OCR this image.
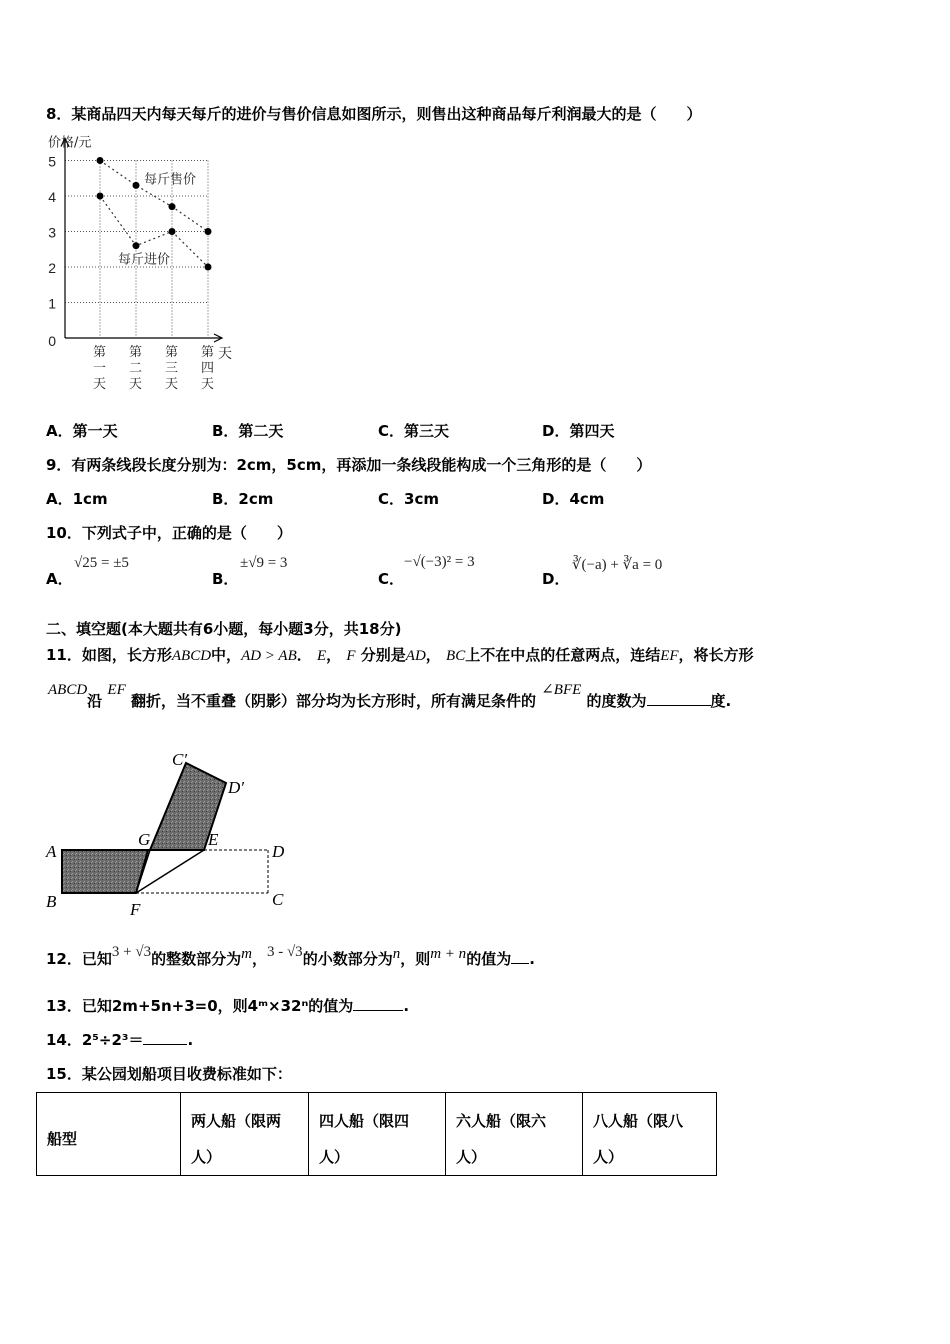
8．某商品四天内每天每斤的进价与售价信息如图所示，则售出这种商品每斤利润最大的是（　　）
0
1
2
3
4
5
价格/元
天
第
一
天
第
二
天
第
三
天
第
四
天
每斤售价
每斤进价
A．第一天	B．第二天	C．第三天	D．第四天
9．有两条线段长度分别为：2cm，5cm，再添加一条线段能构成一个三角形的是（　　）
A．1cm	B．2cm	C．3cm	D．4cm
10．下列式子中，正确的是（　　）
A．
√25 = ±5
B．
±√9 = 3
C．
−√(−3)² = 3
D．
∛(−a) + ∛a = 0
二、填空题(本大题共有6小题，每小题3分，共18分)
11．如图，长方形ABCD中，AD > AB． E， F 分别是AD， BC上不在中点的任意两点，连结EF，将长方形
ABCD沿 EF 翻折，当不重叠（阴影）部分均为长方形时，所有满足条件的 ∠BFE 的度数为	度.
A
B	F
G	E
D
C
C′
D′
12．已知3 + √3的整数部分为m，3 - √3的小数部分为n，则m + n的值为 .
13．已知2m+5n+3=0，则4ᵐ×32ⁿ的值为	.
14．2⁵÷2³＝	.
15．某公园划船项目收费标准如下：
船型

两人船（限两
人）

四人船（限四
人）

六人船（限六
人）

八人船（限八
人）
